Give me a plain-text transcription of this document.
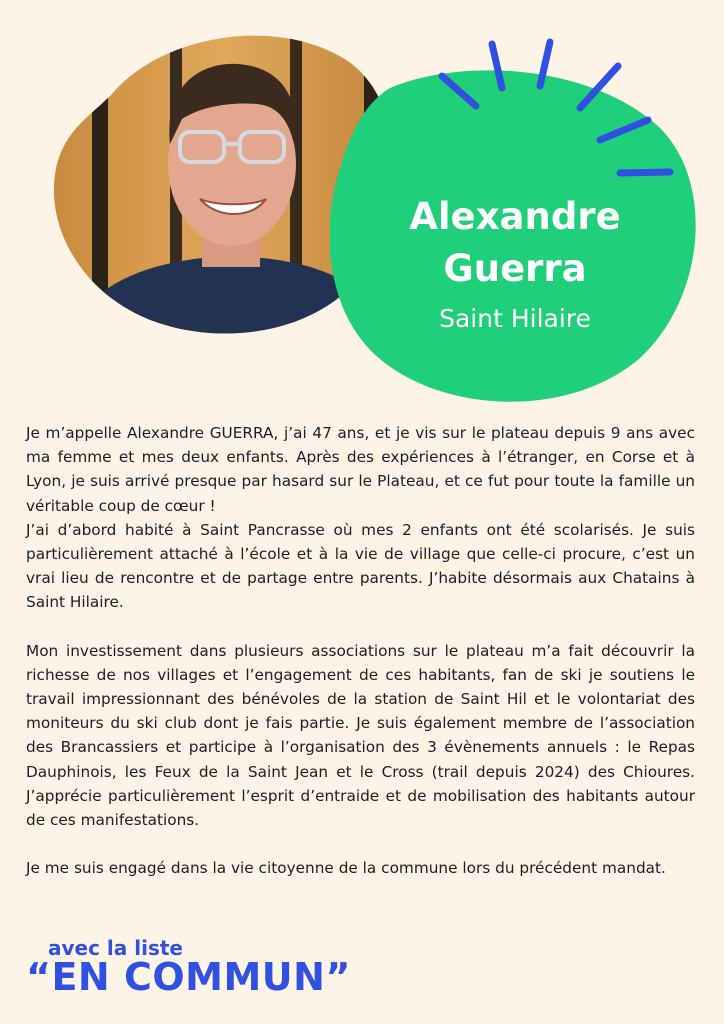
Alexandre
Guerra
Saint Hilaire

Je m’appelle Alexandre GUERRA, j’ai 47 ans, et je vis sur le plateau depuis 9 ans avec ma femme et mes deux enfants. Après des expériences à l’étranger, en Corse et à Lyon, je suis arrivé presque par hasard sur le Plateau, et ce fut pour toute la famille un véritable coup de cœur !

J’ai d’abord habité à Saint Pancrasse où mes 2 enfants ont été scolarisés. Je suis particulièrement attaché à l’école et à la vie de village que celle-ci procure, c’est un vrai lieu de rencontre et de partage entre parents. J’habite désormais aux Chatains à Saint Hilaire.

Mon investissement dans plusieurs associations sur le plateau m’a fait découvrir la richesse de nos villages et l’engagement de ces habitants, fan de ski je soutiens le travail impressionnant des bénévoles de la station de Saint Hil et le volontariat des moniteurs du ski club dont je fais partie. Je suis également membre de l’association des Brancassiers et participe à l’organisation des 3 évènements annuels : le Repas Dauphinois, les Feux de la Saint Jean et le Cross (trail depuis 2024) des Chioures. J’apprécie particulièrement l’esprit d’entraide et de mobilisation des habitants autour de ces manifestations.

Je me suis engagé dans la vie citoyenne de la commune lors du précédent mandat.

avec la liste
“EN COMMUN”
